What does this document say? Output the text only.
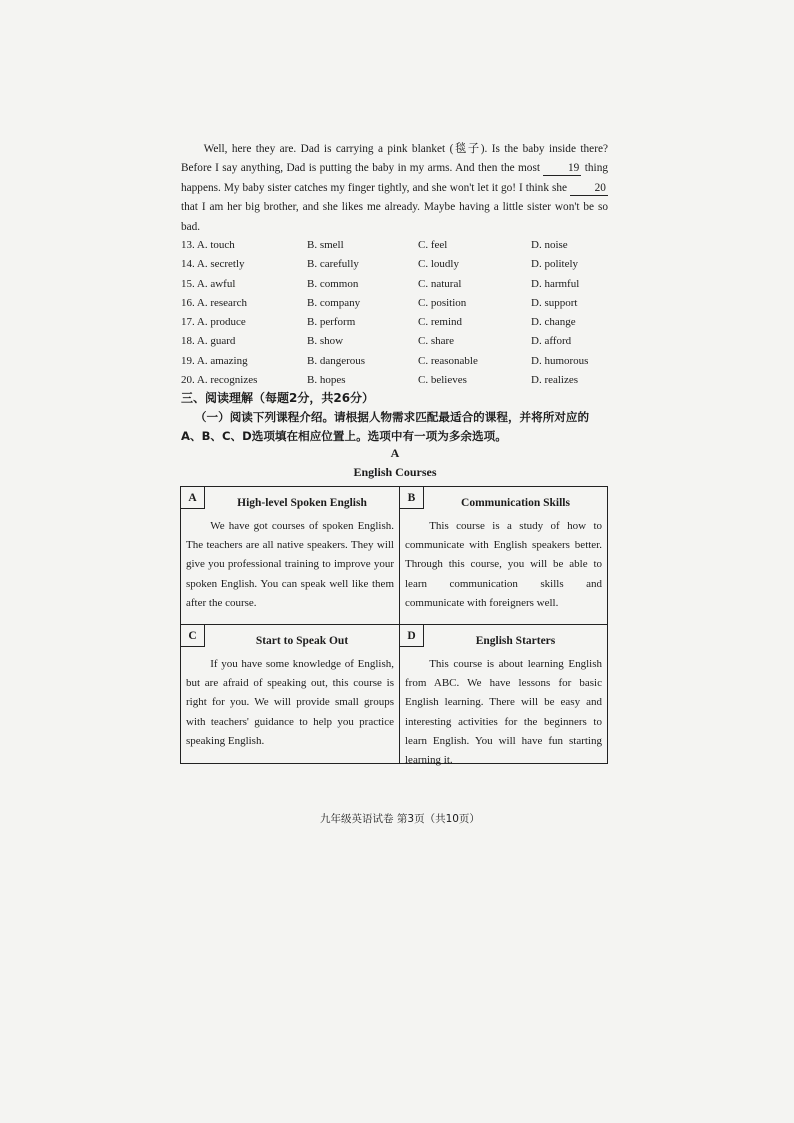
Well, here they are. Dad is carrying a pink blanket (毯子). Is the baby inside there? Before I say anything, Dad is putting the baby in my arms. And then the most 19 thing happens. My baby sister catches my finger tightly, and she won't let it go! I think she 20 that I am her big brother, and she likes me already. Maybe having a little sister won't be so bad.

13. A. touch	B. smell	C. feel	D. noise
14. A. secretly	B. carefully	C. loudly	D. politely
15. A. awful	B. common	C. natural	D. harmful
16. A. research	B. company	C. position	D. support
17. A. produce	B. perform	C. remind	D. change
18. A. guard	B. show	C. share	D. afford
19. A. amazing	B. dangerous	C. reasonable	D. humorous
20. A. recognizes	B. hopes	C. believes	D. realizes
三、阅读理解（每题2分，共26分）

（一）阅读下列课程介绍。请根据人物需求匹配最适合的课程，并将所对应的A、B、C、D选项填在相应位置上。选项中有一项为多余选项。

A
English Courses
A	High-level Spoken English

We have got courses of spoken English. The teachers are all native speakers. They will give you professional training to improve your spoken English. You can speak well like them after the course.

B	Communication Skills

This course is a study of how to communicate with English speakers better. Through this course, you will be able to learn communication skills and communicate with foreigners well.

C	Start to Speak Out

If you have some knowledge of English, but are afraid of speaking out, this course is right for you. We will provide small groups with teachers' guidance to help you practice speaking English.

D	English Starters

This course is about learning English from ABC. We have lessons for basic English learning. There will be easy and interesting activities for the beginners to learn English. You will have fun starting learning it.

九年级英语试卷 第3页（共10页）
